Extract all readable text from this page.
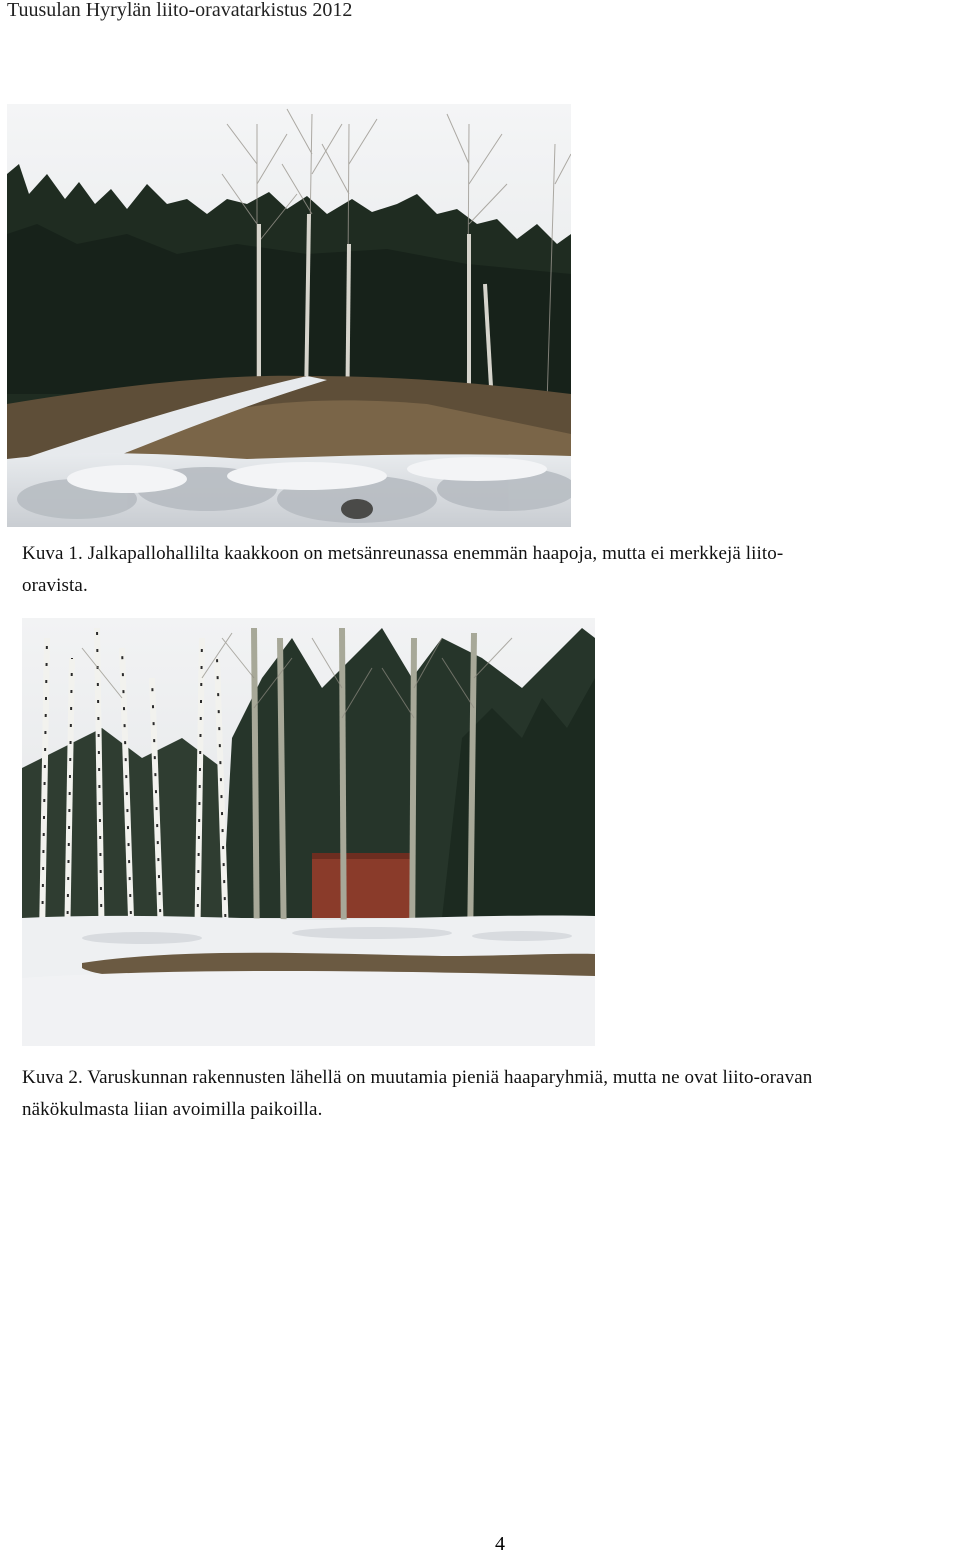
Tuusulan Hyrylän liito-oravatarkistus 2012
Kuva 1. Jalkapallohallilta kaakkoon on metsänreunassa enemmän haapoja, mutta ei merkkejä liito-
oravista.
Kuva 2. Varuskunnan rakennusten lähellä on muutamia pieniä haaparyhmiä, mutta ne ovat liito-oravan
näkökulmasta liian avoimilla paikoilla.
4
